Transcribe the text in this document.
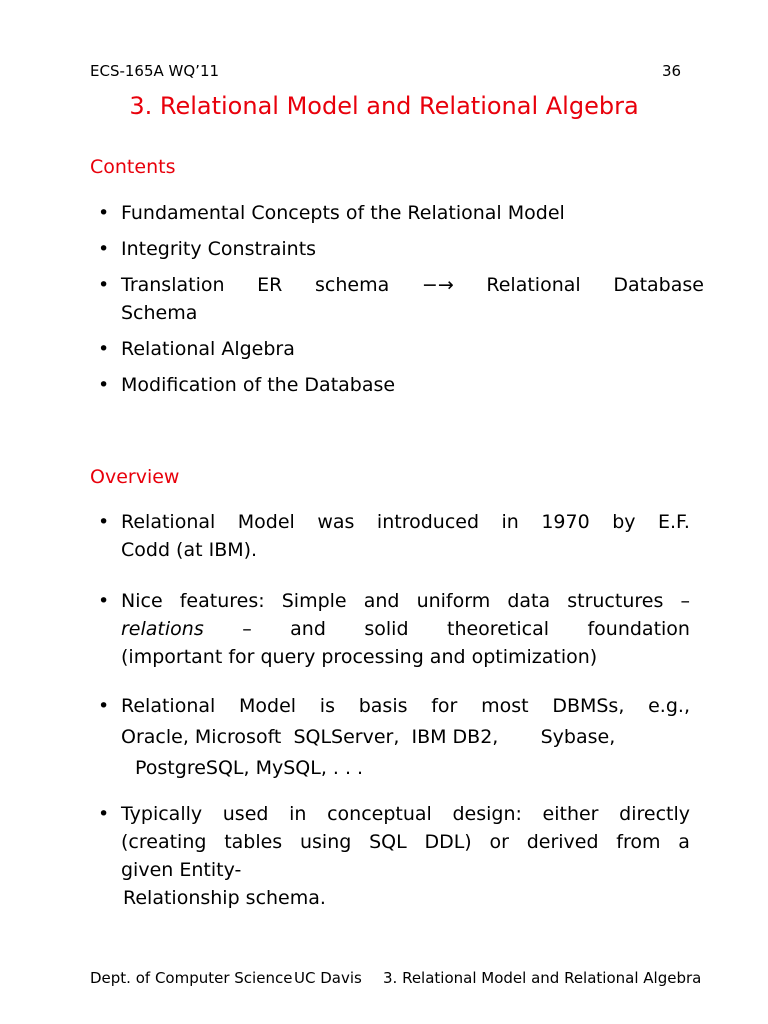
ECS-165A WQ’11	36
3. Relational Model and Relational Algebra
Contents
• Fundamental Concepts of the Relational Model
• Integrity Constraints
• Translation ER schema −→ Relational Database
Schema
• Relational Algebra
• Modification of the Database
Overview
• Relational Model was introduced in 1970 by E.F.
Codd (at IBM).
• Nice features: Simple and uniform data structures –
relations – and solid theoretical foundation
(important for query processing and optimization)
• Relational Model is basis for most DBMSs, e.g.,
Oracle, Microsoft  SQLServer,  IBM DB2,       Sybase,
PostgreSQL, MySQL, . . .
• Typically used in conceptual design: either directly
(creating tables using SQL DDL) or derived from a
given Entity-
Relationship schema.
Dept. of Computer Science UC Davis 3. Relational Model and Relational Algebra
